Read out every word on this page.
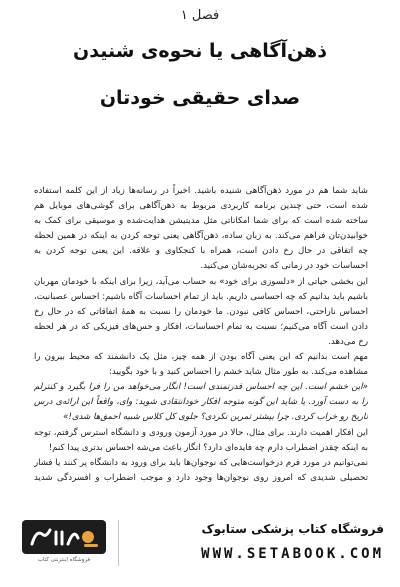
فصل ۱
ذهن‌آگاهی یا نحوه‌ی شنیدن
صدای حقیقی خودتان

شاید شما هم در مورد ذهن‌آگاهی شنیده باشید. اخیراً در رسانه‌ها زیاد از این کلمه استفاده شده است، حتی چندین برنامه کاربردی مربوط به ذهن‌آگاهی برای گوشی‌های موبایل هم ساخته شده است که برای شما امکاناتی مثل مدیتیشن هدایت‌شده و موسیقی برای کمک به خوابیدن‌تان فراهم می‌کند. به زبان ساده، ذهن‌آگاهی یعنی توجه کردن به اینکه در همین لحظه چه اتفاقی در حال رخ دادن است، همراه با کنجکاوی و علاقه. این یعنی توجه کردن به احساسات خود در زمانی که تجربه‌شان می‌کنید.

این بخشی حیاتی از «دلسوزی برای خود» به حساب می‌آید، زیرا برای اینکه با خودمان مهربان باشیم باید بدانیم که چه احساسی داریم. باید از تمام احساسات آگاه باشیم: احساس عصبانیت، احساس ناراحتی، احساس کافی نبودن. ما خودمان را نسبت به همهٔ اتفاقاتی که در حال رخ دادن است آگاه می‌کنیم؛ نسبت به تمام احساسات، افکار و حس‌های فیزیکی که در هر لحظه رخ می‌دهد.

مهم است بدانیم که این یعنی آگاه بودن از همه چیز، مثل یک دانشمند که محیط بیرون را مشاهده می‌کند. به طور مثال شاید خشم را احساس کنید و با خود بگویید:

«این خشم است. این چه احساس قدرتمندی است! انگار می‌خواهد من را فرا بگیرد و کنترلم را به دست آورد. یا شاید این گونه متوجه افکار خودانتقادی شوید: وای، واقعاً این ارائه‌ی درس تاریخ رو خراب کردی. چرا بیشتر تمرین نکردی؟ جلوی کل کلاس شبیه احمق‌ها شدی!»

این افکار اهمیت دارند. برای مثال، حالا در مورد آزمون ورودی و دانشگاه استرس گرفتم، توجه به اینکه چقدر اضطراب دارم چه فایده‌ای دارد؟ انگار باعث می‌شه احساس بدتری پیدا کنم!

نمی‌توانیم در مورد فرم درخواست‌هایی که نوجوان‌ها باید برای ورود به دانشگاه پر کنند یا فشار تحصیلی شدیدی که امروز روی نوجوان‌ها وجود دارد و موجب اضطراب و افسردگی شدید

فروشگاه اینترنتی کتاب
فروشگاه کتاب پزشکی ستابوک
WWW.SETABOOK.COM
